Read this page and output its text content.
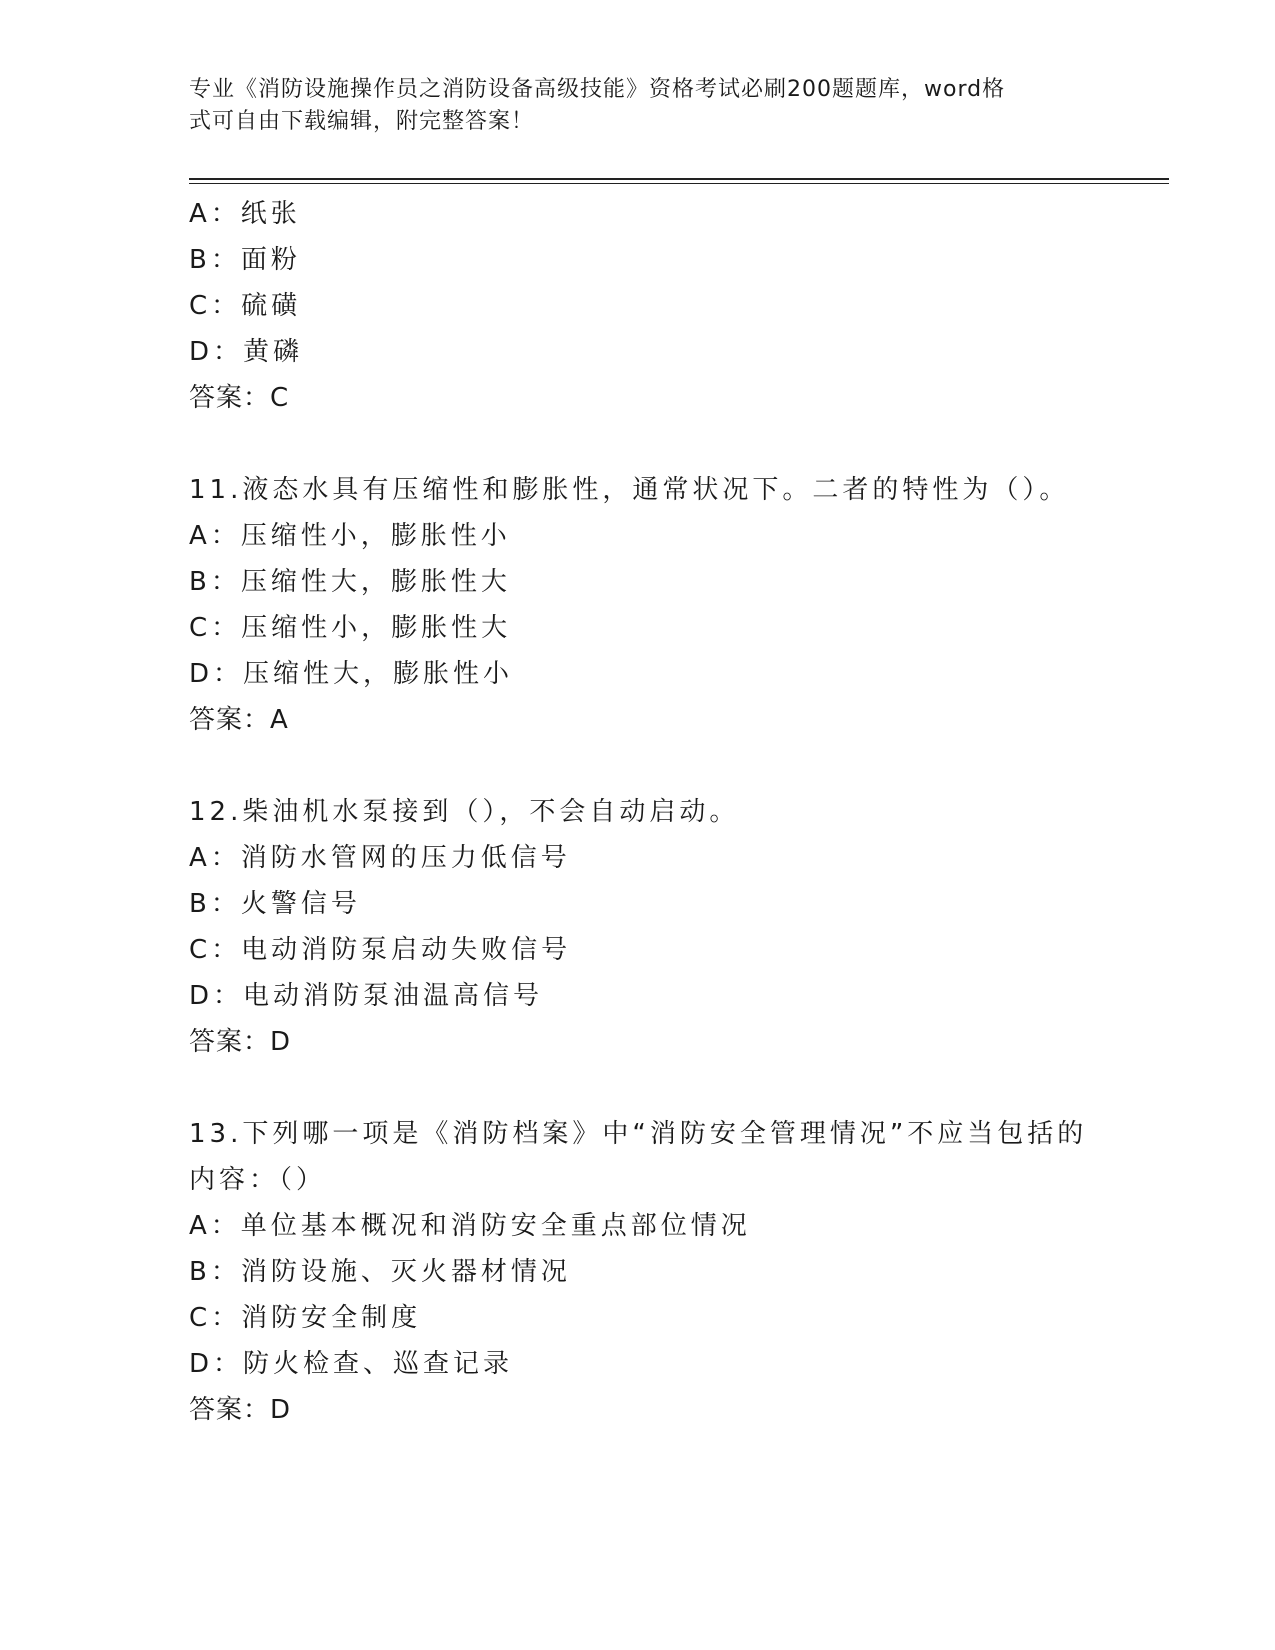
专业《消防设施操作员之消防设备高级技能》资格考试必刷200题题库，word格
式可自由下载编辑，附完整答案！
A：纸张
B：面粉
C：硫磺
D：黄磷
答案：C
11.液态水具有压缩性和膨胀性，通常状况下。二者的特性为（）。
A：压缩性小，膨胀性小
B：压缩性大，膨胀性大
C：压缩性小，膨胀性大
D：压缩性大，膨胀性小
答案：A
12.柴油机水泵接到（），不会自动启动。
A：消防水管网的压力低信号
B：火警信号
C：电动消防泵启动失败信号
D：电动消防泵油温高信号
答案：D
13.下列哪一项是《消防档案》中“消防安全管理情况”不应当包括的
内容：（）
A：单位基本概况和消防安全重点部位情况
B：消防设施、灭火器材情况
C：消防安全制度
D：防火检查、巡查记录
答案：D
